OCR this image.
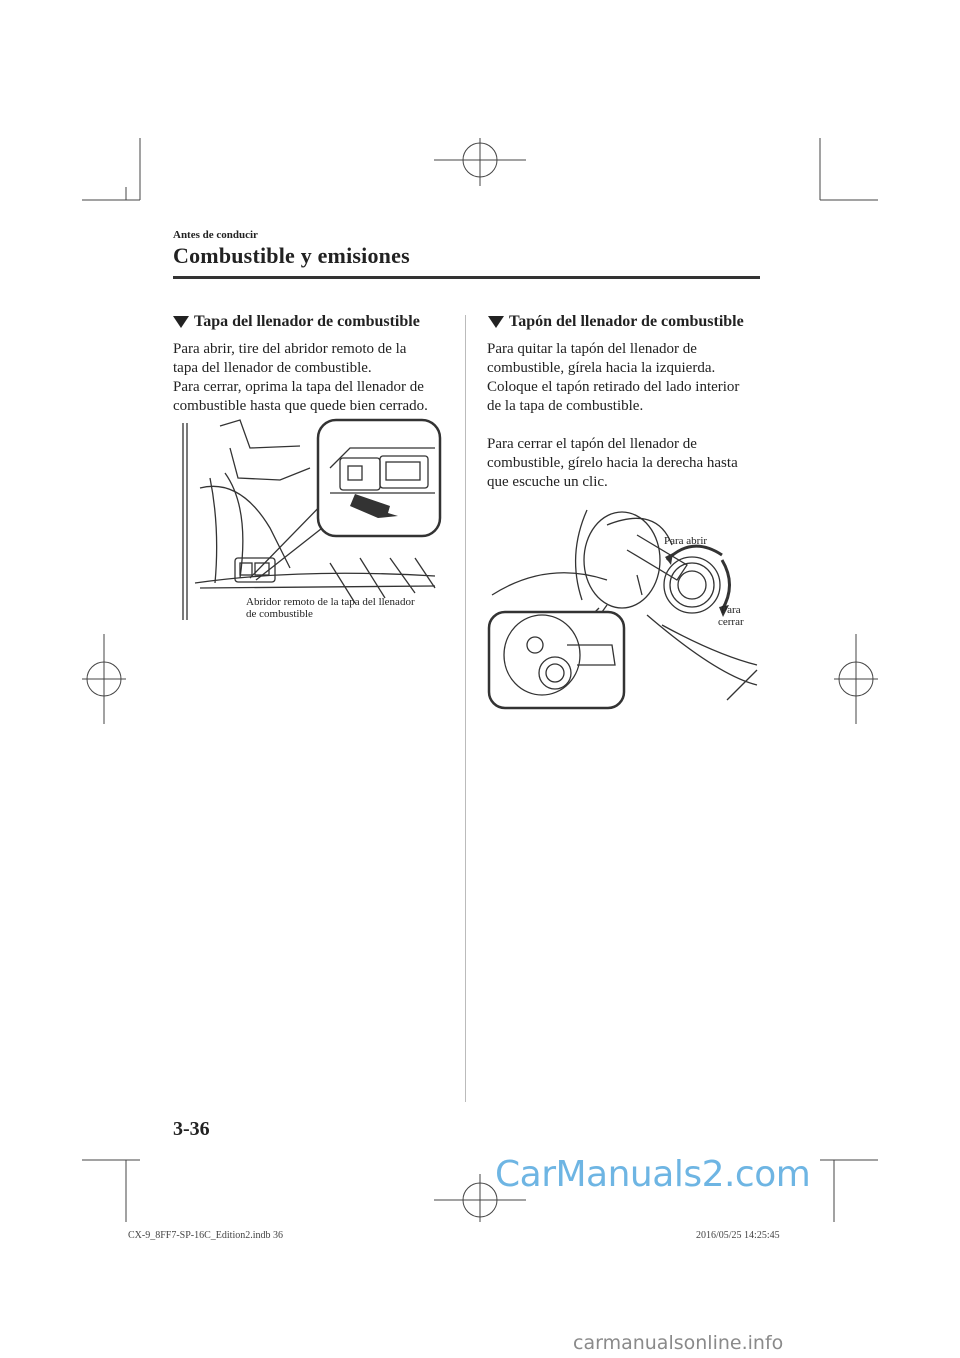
Antes de conducir
Combustible y emisiones
Tapa del llenador de combustible
Para abrir, tire del abridor remoto de la
tapa del llenador de combustible.
Para cerrar, oprima la tapa del llenador de
combustible hasta que quede bien cerrado.
Abridor remoto de la tapa del llenador
de combustible
Tapón del llenador de combustible
Para quitar la tapón del llenador de
combustible, gírela hacia la izquierda.
Coloque el tapón retirado del lado interior
de la tapa de combustible.

Para cerrar el tapón del llenador de
combustible, gírelo hacia la derecha hasta
que escuche un clic.
Para abrir
Para
cerrar
3-36
CarManuals2.com
CX-9_8FF7-SP-16C_Edition2.indb 36	2016/05/25 14:25:45
carmanualsonline.info
